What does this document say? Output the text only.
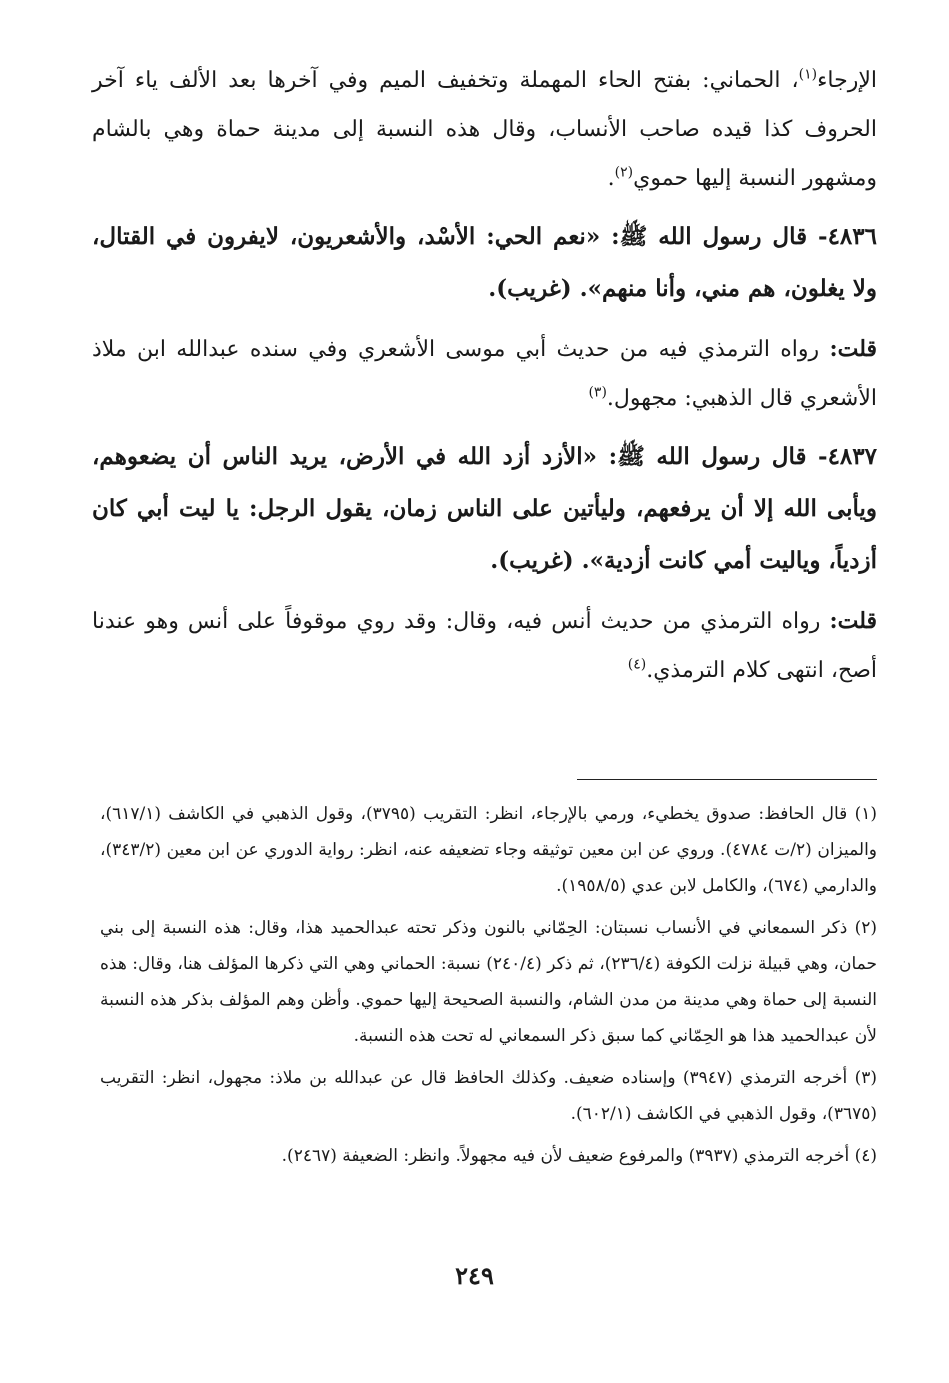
الإرجاء$^{(١)}$، الحماني: بفتح الحاء المهملة وتخفيف الميم وفي آخرها بعد الألف ياء آخر الحروف كذا قيده صاحب الأنساب، وقال هذه النسبة إلى مدينة حماة وهي بالشام ومشهور النسبة إليها حموي$^{(٢)}$.

٤٨٣٦- قال رسول الله ﷺ: «نعم الحي: الأسْد، والأشعريون، لايفرون في القتال، ولا يغلون، هم مني، وأنا منهم». (غريب).

قلت: رواه الترمذي فيه من حديث أبي موسى الأشعري وفي سنده عبدالله ابن ملاذ الأشعري قال الذهبي: مجهول.$^{(٣)}$

٤٨٣٧- قال رسول الله ﷺ: «الأزد أزد الله في الأرض، يريد الناس أن يضعوهم، ويأبى الله إلا أن يرفعهم، وليأتين على الناس زمان، يقول الرجل: يا ليت أبي كان أزدياً، وياليت أمي كانت أزدية». (غريب).

قلت: رواه الترمذي من حديث أنس فيه، وقال: وقد روي موقوفاً على أنس وهو عندنا أصح، انتهى كلام الترمذي.$^{(٤)}$

(١) قال الحافظ: صدوق يخطيء، ورمي بالإرجاء، انظر: التقريب (٣٧٩٥)، وقول الذهبي في الكاشف (٦١٧/١)، والميزان (٢/ت ٤٧٨٤). وروي عن ابن معين توثيقه وجاء تضعيفه عنه، انظر: رواية الدوري عن ابن معين (٣٤٣/٢)، والدارمي (٦٧٤)، والكامل لابن عدي (١٩٥٨/٥).

(٢) ذكر السمعاني في الأنساب نسبتان: الحِمّاني بالنون وذكر تحته عبدالحميد هذا، وقال: هذه النسبة إلى بني حمان، وهي قبيلة نزلت الكوفة (٢٣٦/٤)، ثم ذكر (٢٤٠/٤) نسبة: الحماني وهي التي ذكرها المؤلف هنا، وقال: هذه النسبة إلى حماة وهي مدينة من مدن الشام، والنسبة الصحيحة إليها حموي. وأظن وهم المؤلف بذكر هذه النسبة لأن عبدالحميد هذا هو الحِمّاني كما سبق ذكر السمعاني له تحت هذه النسبة.

(٣) أخرجه الترمذي (٣٩٤٧) وإسناده ضعيف. وكذلك الحافظ قال عن عبدالله بن ملاذ: مجهول، انظر: التقريب (٣٦٧٥)، وقول الذهبي في الكاشف (٦٠٢/١).

(٤) أخرجه الترمذي (٣٩٣٧) والمرفوع ضعيف لأن فيه مجهولاً. وانظر: الضعيفة (٢٤٦٧).

٢٤٩
